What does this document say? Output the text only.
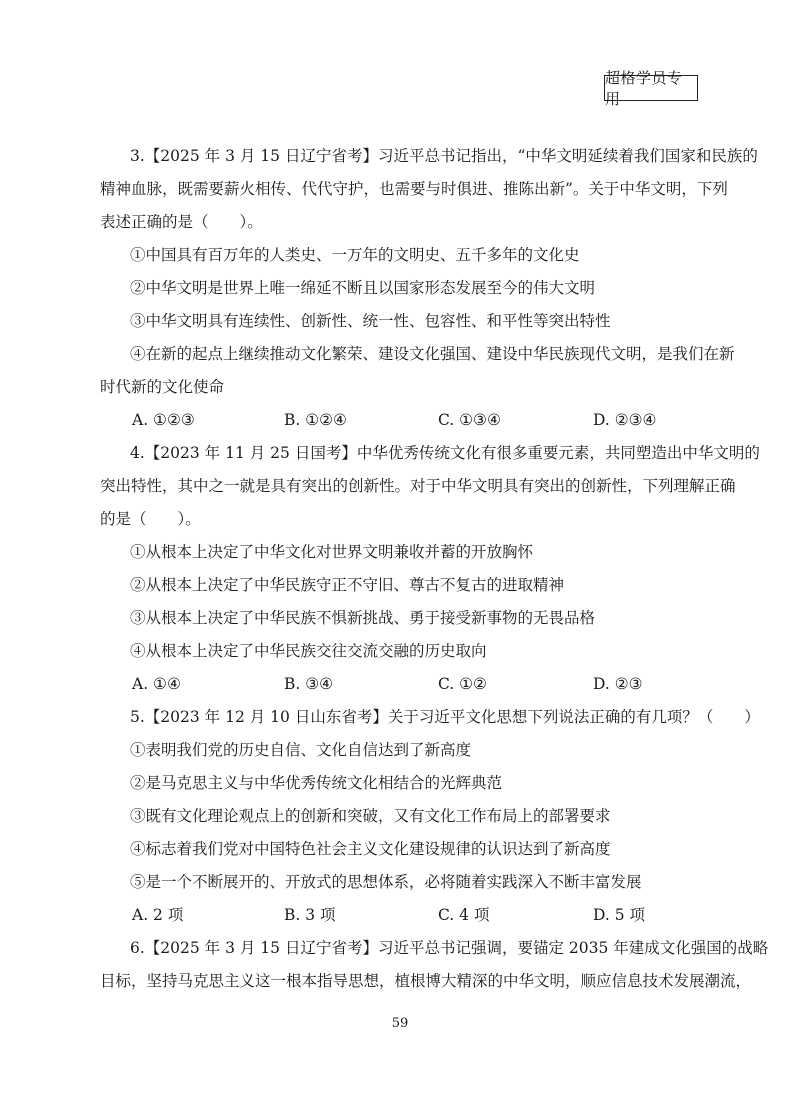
超格学员专用
3.【2025 年 3 月 15 日辽宁省考】习近平总书记指出，“中华文明延续着我们国家和民族的
精神血脉，既需要薪火相传、代代守护，也需要与时俱进、推陈出新”。关于中华文明，下列
表述正确的是（　　）。
①中国具有百万年的人类史、一万年的文明史、五千多年的文化史
②中华文明是世界上唯一绵延不断且以国家形态发展至今的伟大文明
③中华文明具有连续性、创新性、统一性、包容性、和平性等突出特性
④在新的起点上继续推动文化繁荣、建设文化强国、建设中华民族现代文明，是我们在新
时代新的文化使命
A. ①②③	B. ①②④	C. ①③④	D. ②③④
4.【2023 年 11 月 25 日国考】中华优秀传统文化有很多重要元素，共同塑造出中华文明的
突出特性，其中之一就是具有突出的创新性。对于中华文明具有突出的创新性，下列理解正确
的是（　　）。
①从根本上决定了中华文化对世界文明兼收并蓄的开放胸怀
②从根本上决定了中华民族守正不守旧、尊古不复古的进取精神
③从根本上决定了中华民族不惧新挑战、勇于接受新事物的无畏品格
④从根本上决定了中华民族交往交流交融的历史取向
A. ①④	B. ③④	C. ①②	D. ②③
5.【2023 年 12 月 10 日山东省考】关于习近平文化思想下列说法正确的有几项？（　　）
①表明我们党的历史自信、文化自信达到了新高度
②是马克思主义与中华优秀传统文化相结合的光辉典范
③既有文化理论观点上的创新和突破，又有文化工作布局上的部署要求
④标志着我们党对中国特色社会主义文化建设规律的认识达到了新高度
⑤是一个不断展开的、开放式的思想体系，必将随着实践深入不断丰富发展
A. 2 项	B. 3 项	C. 4 项	D. 5 项
6.【2025 年 3 月 15 日辽宁省考】习近平总书记强调，要锚定 2035 年建成文化强国的战略
目标，坚持马克思主义这一根本指导思想，植根博大精深的中华文明，顺应信息技术发展潮流，
59
